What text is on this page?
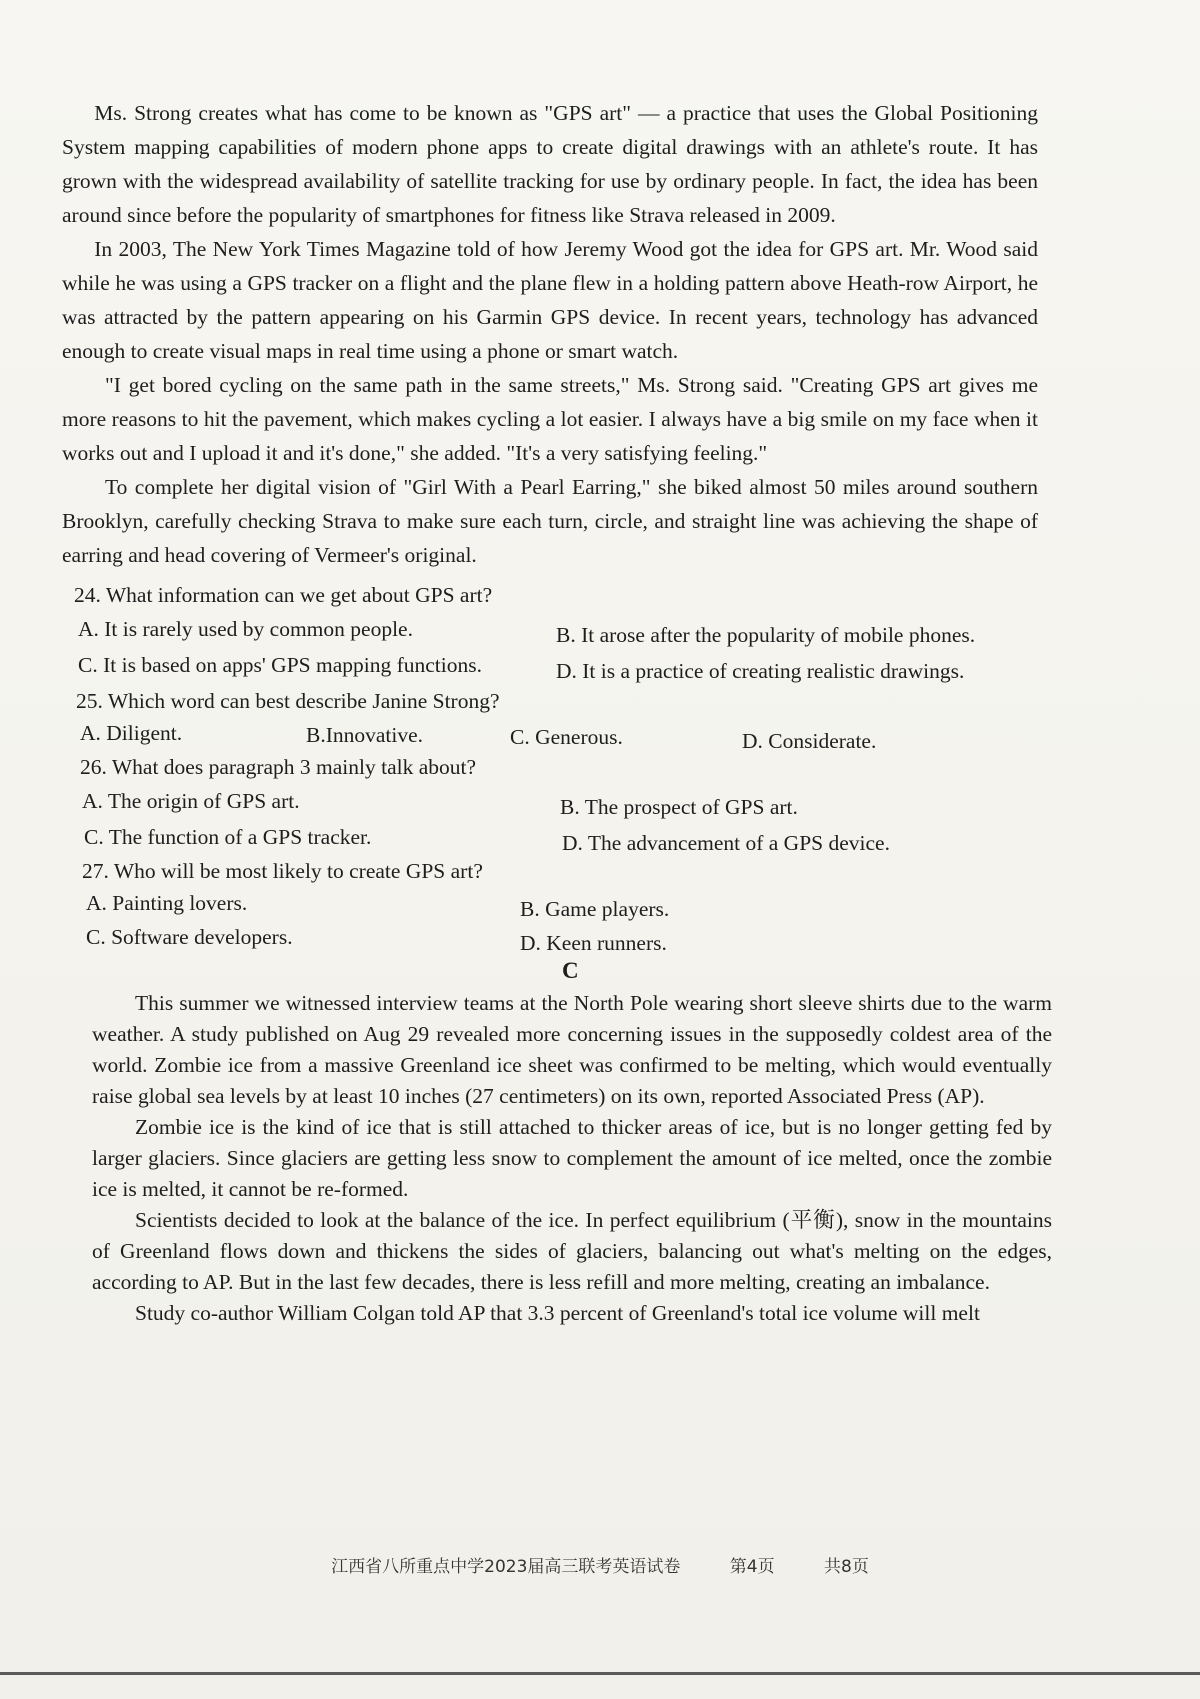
Ms. Strong creates what has come to be known as "GPS art" — a practice that uses the Global Positioning System mapping capabilities of modern phone apps to create digital drawings with an athlete's route. It has grown with the widespread availability of satellite tracking for use by ordinary people. In fact, the idea has been around since before the popularity of smartphones for fitness like Strava released in 2009.

In 2003, The New York Times Magazine told of how Jeremy Wood got the idea for GPS art. Mr. Wood said while he was using a GPS tracker on a flight and the plane flew in a holding pattern above Heath-row Airport, he was attracted by the pattern appearing on his Garmin GPS device. In recent years, technology has advanced enough to create visual maps in real time using a phone or smart watch.

"I get bored cycling on the same path in the same streets," Ms. Strong said. "Creating GPS art gives me more reasons to hit the pavement, which makes cycling a lot easier. I always have a big smile on my face when it works out and I upload it and it's done," she added. "It's a very satisfying feeling."

To complete her digital vision of "Girl With a Pearl Earring," she biked almost 50 miles around southern Brooklyn, carefully checking Strava to make sure each turn, circle, and straight line was achieving the shape of earring and head covering of Vermeer's original.

24. What information can we get about GPS art?
A. It is rarely used by common people.	B. It arose after the popularity of mobile phones.
C. It is based on apps' GPS mapping functions.	D. It is a practice of creating realistic drawings.
25. Which word can best describe Janine Strong?
A. Diligent.	B.Innovative.	C. Generous.	D. Considerate.
26. What does paragraph 3 mainly talk about?
A. The origin of GPS art.	B. The prospect of GPS art.
C. The function of a GPS tracker.	D. The advancement of a GPS device.
27. Who will be most likely to create GPS art?
A. Painting lovers.	B. Game players.
C. Software developers.	D. Keen runners.
C

This summer we witnessed interview teams at the North Pole wearing short sleeve shirts due to the warm weather. A study published on Aug 29 revealed more concerning issues in the supposedly coldest area of the world. Zombie ice from a massive Greenland ice sheet was confirmed to be melting, which would eventually raise global sea levels by at least 10 inches (27 centimeters) on its own, reported Associated Press (AP).

Zombie ice is the kind of ice that is still attached to thicker areas of ice, but is no longer getting fed by larger glaciers. Since glaciers are getting less snow to complement the amount of ice melted, once the zombie ice is melted, it cannot be re-formed.

Scientists decided to look at the balance of the ice. In perfect equilibrium (平衡), snow in the mountains of Greenland flows down and thickens the sides of glaciers, balancing out what's melting on the edges, according to AP. But in the last few decades, there is less refill and more melting, creating an imbalance.

Study co-author William Colgan told AP that 3.3 percent of Greenland's total ice volume will melt

江西省八所重点中学2023届高三联考英语试卷	第4页	共8页
